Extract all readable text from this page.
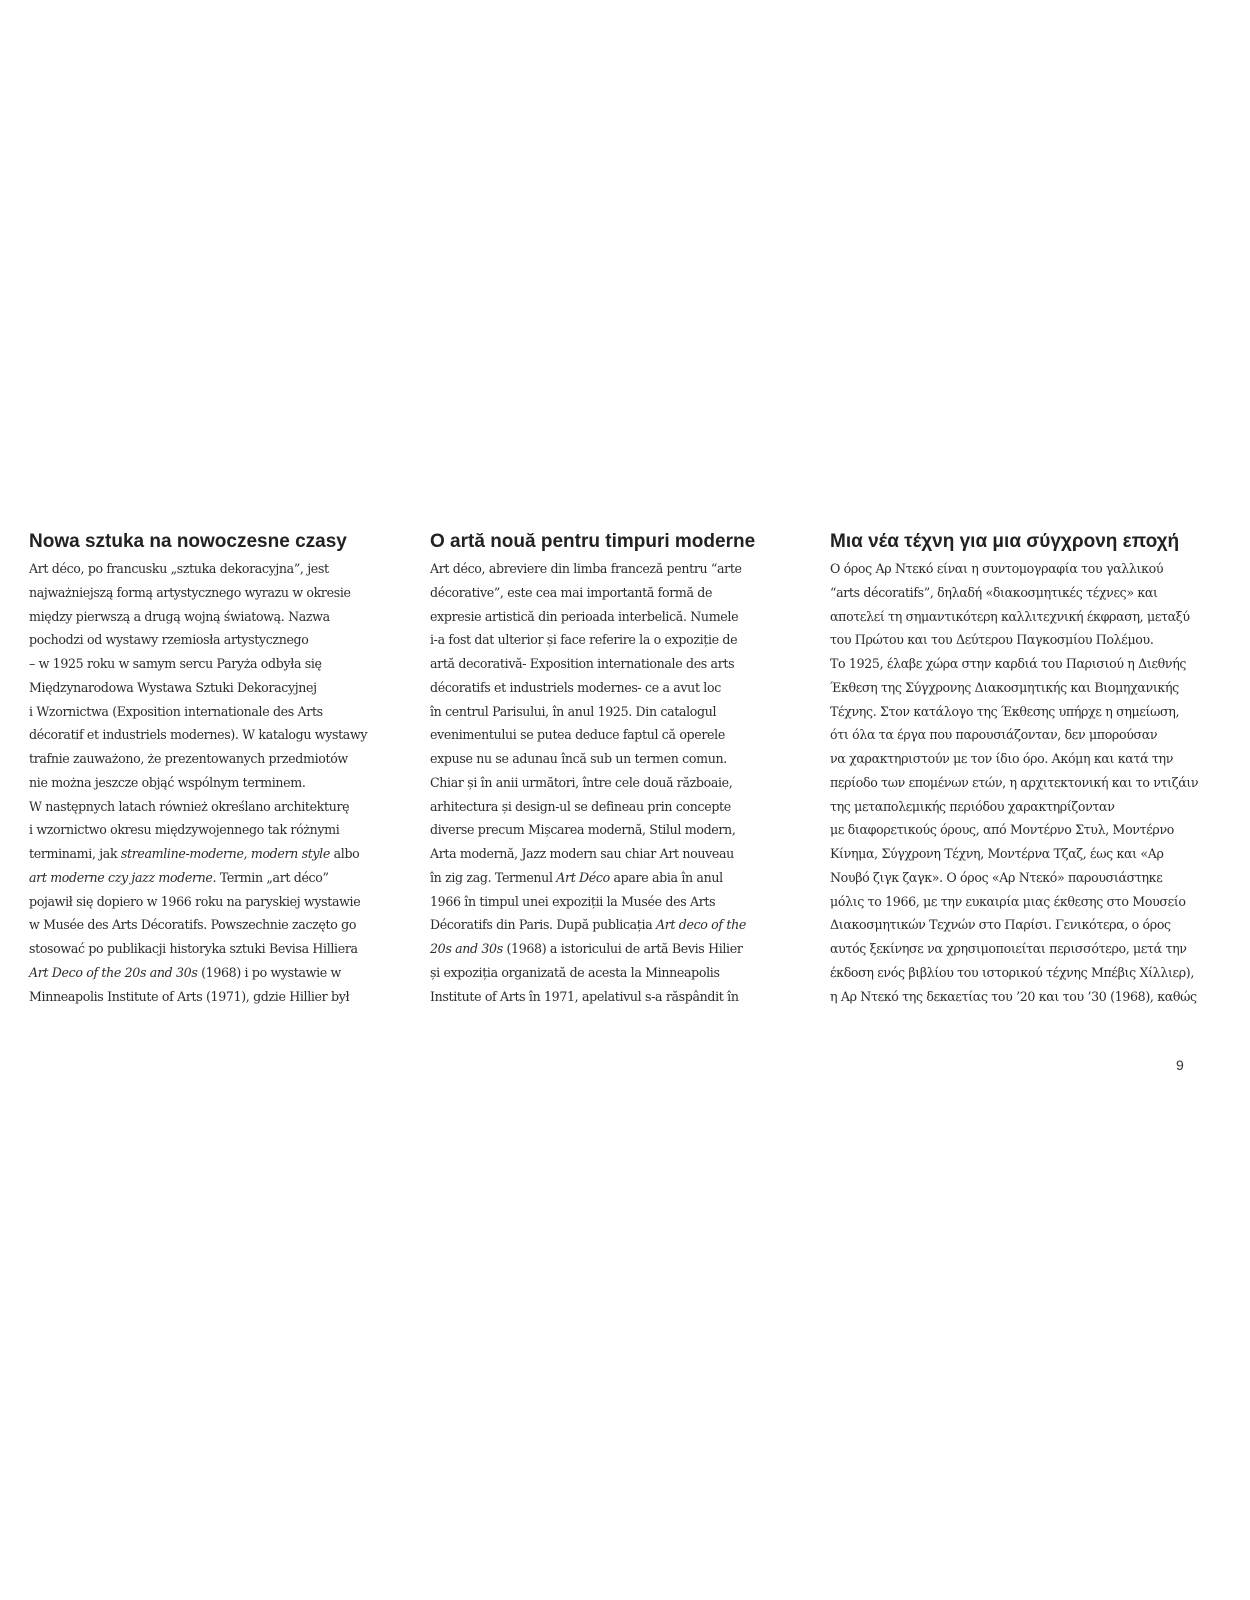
Nowa sztuka na nowoczesne czasy
Art déco, po francusku „sztuka dekoracyjna”, jest
najważniejszą formą artystycznego wyrazu w okresie
między pierwszą a drugą wojną światową. Nazwa
pochodzi od wystawy rzemiosła artystycznego
– w 1925 roku w samym sercu Paryża odbyła się
Międzynarodowa Wystawa Sztuki Dekoracyjnej
i Wzornictwa (Exposition internationale des Arts
décoratif et industriels modernes). W katalogu wystawy
trafnie zauważono, że prezentowanych przedmiotów
nie można jeszcze objąć wspólnym terminem.
W następnych latach również określano architekturę
i wzornictwo okresu międzywojennego tak różnymi
terminami, jak streamline-moderne, modern style albo
art moderne czy jazz moderne. Termin „art déco”
pojawił się dopiero w 1966 roku na paryskiej wystawie
w Musée des Arts Décoratifs. Powszechnie zaczęto go
stosować po publikacji historyka sztuki Bevisa Hilliera
Art Deco of the 20s and 30s (1968) i po wystawie w
Minneapolis Institute of Arts (1971), gdzie Hillier był
O artă nouă pentru timpuri moderne
Art déco, abreviere din limba franceză pentru “arte
décorative”, este cea mai importantă formă de
expresie artistică din perioada interbelică. Numele
i-a fost dat ulterior și face referire la o expoziție de
artă decorativă- Exposition internationale des arts
décoratifs et industriels modernes- ce a avut loc
în centrul Parisului, în anul 1925. Din catalogul
evenimentului se putea deduce faptul că operele
expuse nu se adunau încă sub un termen comun.
Chiar și în anii următori, între cele două războaie,
arhitectura și design-ul se defineau prin concepte
diverse precum Mișcarea modernă, Stilul modern,
Arta modernă, Jazz modern sau chiar Art nouveau
în zig zag. Termenul Art Déco apare abia în anul
1966 în timpul unei expoziții la Musée des Arts
Décoratifs din Paris. După publicația Art deco of the
20s and 30s (1968) a istoricului de artă Bevis Hilier
și expoziția organizată de acesta la Minneapolis
Institute of Arts în 1971, apelativul s-a răspândit în
Μια νέα τέχνη για μια σύγχρονη εποχή
Ο όρος Αρ Ντεκό είναι η συντομογραφία του γαλλικού
“arts décoratifs”, δηλαδή «διακοσμητικές τέχνες» και
αποτελεί τη σημαντικότερη καλλιτεχνική έκφραση, μεταξύ
του Πρώτου και του Δεύτερου Παγκοσμίου Πολέμου.
Το 1925, έλαβε χώρα στην καρδιά του Παρισιού η Διεθνής
Έκθεση της Σύγχρονης Διακοσμητικής και Βιομηχανικής
Τέχνης. Στον κατάλογο της Έκθεσης υπήρχε η σημείωση,
ότι όλα τα έργα που παρουσιάζονταν, δεν μπορούσαν
να χαρακτηριστούν με τον ίδιο όρο. Ακόμη και κατά την
περίοδο των επομένων ετών, η αρχιτεκτονική και το ντιζάιν
της μεταπολεμικής περιόδου χαρακτηρίζονταν
με διαφορετικούς όρους, από Μοντέρνο Στυλ, Μοντέρνο
Κίνημα, Σύγχρονη Τέχνη, Μοντέρνα Τζαζ, έως και «Αρ
Νουβό ζιγκ ζαγκ». Ο όρος «Αρ Ντεκό» παρουσιάστηκε
μόλις το 1966, με την ευκαιρία μιας έκθεσης στο Μουσείο
Διακοσμητικών Τεχνών στο Παρίσι. Γενικότερα, ο όρος
αυτός ξεκίνησε να χρησιμοποιείται περισσότερο, μετά την
έκδοση ενός βιβλίου του ιστορικού τέχνης Μπέβις Χίλλιερ),
η Αρ Ντεκό της δεκαετίας του ’20 και του ’30 (1968), καθώς
9
